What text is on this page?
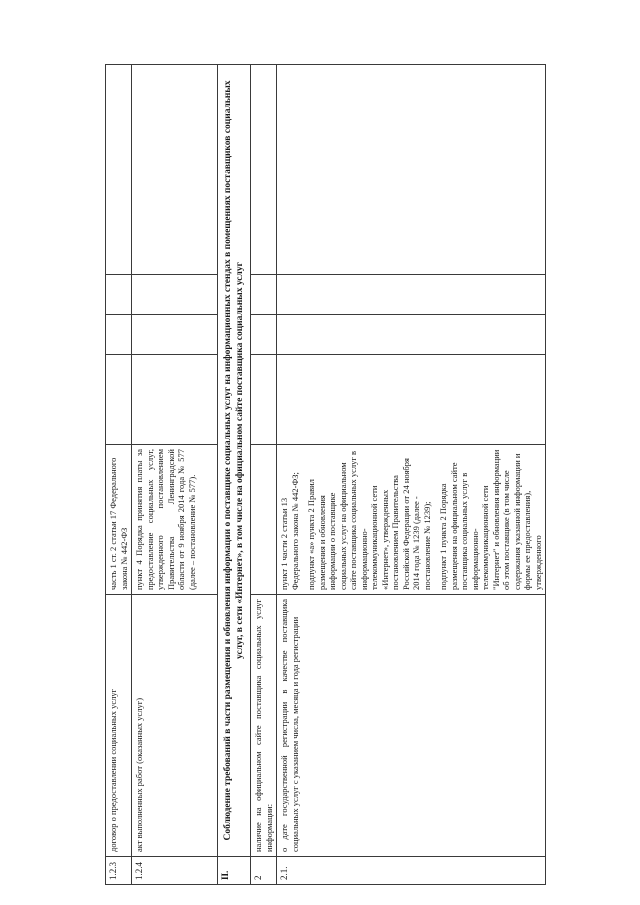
1.2.3	договор о предоставлении социальных услуг	часть 1 ст. 2 статьи 17 Федерального закона № 442-ФЗ				
1.2.4	акт выполненных работ (оказанных услуг)	пункт 4 Порядка принятия платы за предоставление социальных услуг, утвержденного постановлением Правительства Ленинградской области от 9 ноября 2014 года № 577 (далее – постановление № 577).				
II.	Соблюдение требований в части размещения и обновления информации о поставщике социальных услуг на информационных стендах в помещениях поставщиков социальных услуг, в сети «Интернет», в том числе на официальном сайте поставщика социальных услуг					
2	наличие на официальном сайте поставщика социальных услуг информации:					
2.1.	о дате государственной регистрации в качестве поставщика социальных услуг с указанием числа, месяца и года регистрации	пункт 1 части 2 статьи 13 Федерального закона № 442-ФЗ; подпункт «а» пункта 2 Правил размещения и обновления информации о поставщике социальных услуг на официальном сайте поставщика социальных услуг в информационно-телекоммуникационной сети «Интернет», утвержденных постановлением Правительства Российской Федерации от 24 ноября 2014 года № 1239 (далее - постановление № 1239); подпункт 1 пункта 2 Порядка размещения на официальном сайте поставщика социальных услуг в информационно-телекоммуникационной сети "Интернет" и обновления информации об этом поставщике (в том числе содержания указанной информации и формы ее предоставления), утвержденного				
